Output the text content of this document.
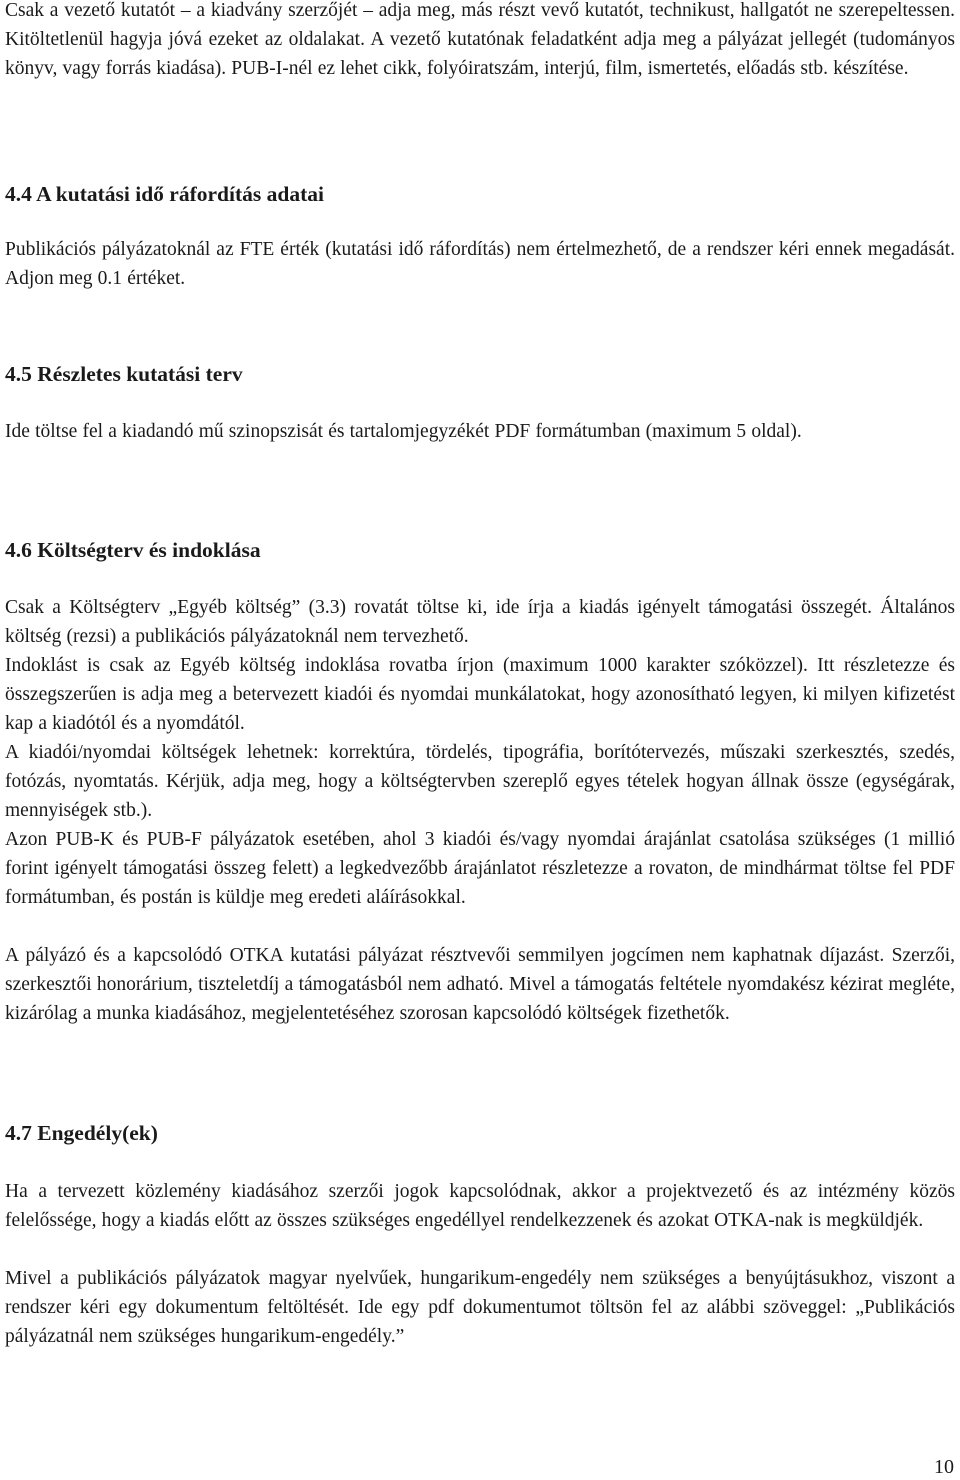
Csak a vezető kutatót – a kiadvány szerzőjét – adja meg, más részt vevő kutatót, technikust, hallgatót ne szerepeltessen. Kitöltetlenül hagyja jóvá ezeket az oldalakat. A vezető kutatónak feladatként adja meg a pályázat jellegét (tudományos könyv, vagy forrás kiadása). PUB-I-nél ez lehet cikk, folyóiratszám, interjú, film, ismertetés, előadás stb. készítése.

4.4 A kutatási idő ráfordítás adatai

Publikációs pályázatoknál az FTE érték (kutatási idő ráfordítás) nem értelmezhető, de a rendszer kéri ennek megadását. Adjon meg 0.1 értéket.

4.5 Részletes kutatási terv

Ide töltse fel a kiadandó mű szinopszisát és tartalomjegyzékét PDF formátumban (maximum 5 oldal).

4.6 Költségterv és indoklása

Csak a Költségterv „Egyéb költség” (3.3) rovatát töltse ki, ide írja a kiadás igényelt támogatási összegét. Általános költség (rezsi) a publikációs pályázatoknál nem tervezhető.

Indoklást is csak az Egyéb költség indoklása rovatba írjon (maximum 1000 karakter szóközzel). Itt részletezze és összegszerűen is adja meg a betervezett kiadói és nyomdai munkálatokat, hogy azonosítható legyen, ki milyen kifizetést kap a kiadótól és a nyomdától.

A kiadói/nyomdai költségek lehetnek: korrektúra, tördelés, tipográfia, borítótervezés, műszaki szerkesztés, szedés, fotózás, nyomtatás. Kérjük, adja meg, hogy a költségtervben szereplő egyes tételek hogyan állnak össze (egységárak, mennyiségek stb.).

Azon PUB-K és PUB-F pályázatok esetében, ahol 3 kiadói és/vagy nyomdai árajánlat csatolása szükséges (1 millió forint igényelt támogatási összeg felett) a legkedvezőbb árajánlatot részletezze a rovaton, de mindhármat töltse fel PDF formátumban, és postán is küldje meg eredeti aláírásokkal.

A pályázó és a kapcsolódó OTKA kutatási pályázat résztvevői semmilyen jogcímen nem kaphatnak díjazást. Szerzői, szerkesztői honorárium, tiszteletdíj a támogatásból nem adható. Mivel a támogatás feltétele nyomdakész kézirat megléte, kizárólag a munka kiadásához, megjelentetéséhez szorosan kapcsolódó költségek fizethetők.

4.7 Engedély(ek)

Ha a tervezett közlemény kiadásához szerzői jogok kapcsolódnak, akkor a projektvezető és az intézmény közös felelőssége, hogy a kiadás előtt az összes szükséges engedéllyel rendelkezzenek és azokat OTKA-nak is megküldjék.

Mivel a publikációs pályázatok magyar nyelvűek, hungarikum-engedély nem szükséges a benyújtásukhoz, viszont a rendszer kéri egy dokumentum feltöltését. Ide egy pdf dokumentumot töltsön fel az alábbi szöveggel: „Publikációs pályázatnál nem szükséges hungarikum-engedély.”

10
